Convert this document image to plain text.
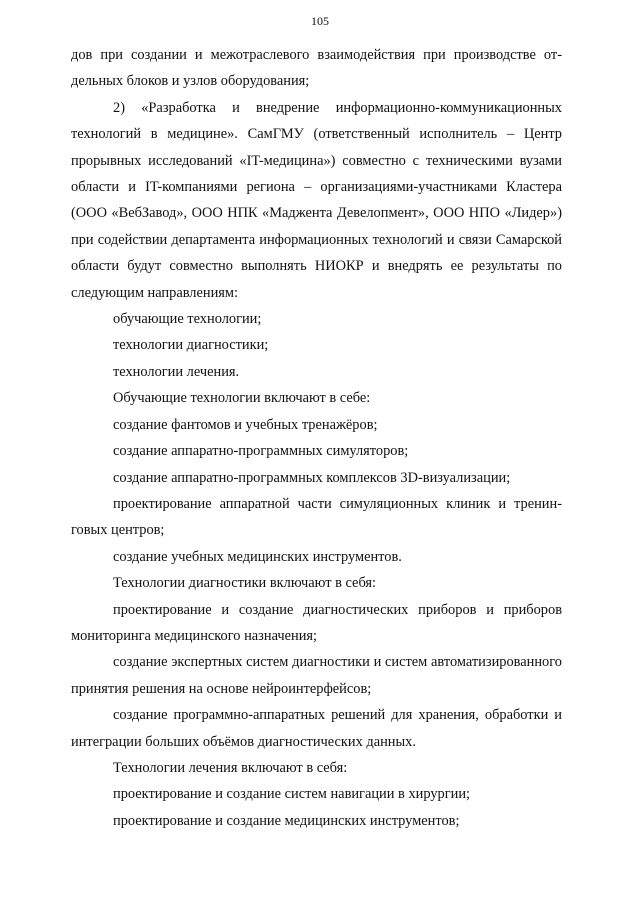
105

дов при создании и межотраслевого взаимодействия при производстве отдельных блоков и узлов оборудования;

2) «Разработка и внедрение информационно-коммуникационных технологий в медицине». СамГМУ (ответственный исполнитель – Центр прорывных исследований «IT-медицина») совместно с техническими вузами области и IT-компаниями региона – организациями-участниками Кластера (ООО «ВебЗавод», ООО НПК «Маджента Девелопмент», ООО НПО «Лидер») при содействии департамента информационных технологий и связи Самарской области будут совместно выполнять НИОКР и внедрять ее результаты по следующим направлениям:

обучающие технологии;

технологии диагностики;

технологии лечения.

Обучающие технологии включают в себе:

создание фантомов и учебных тренажёров;

создание аппаратно-программных симуляторов;

создание аппаратно-программных комплексов 3D-визуализации;

проектирование аппаратной части симуляционных клиник и тренинговых центров;

создание учебных медицинских инструментов.

Технологии диагностики включают в себя:

проектирование и создание диагностических приборов и приборов мониторинга медицинского назначения;

создание экспертных систем диагностики и систем автоматизированного принятия решения на основе нейроинтерфейсов;

создание программно-аппаратных решений для хранения, обработки и интеграции больших объёмов диагностических данных.

Технологии лечения включают в себя:

проектирование и создание систем навигации в хирургии;

проектирование и создание медицинских инструментов;
